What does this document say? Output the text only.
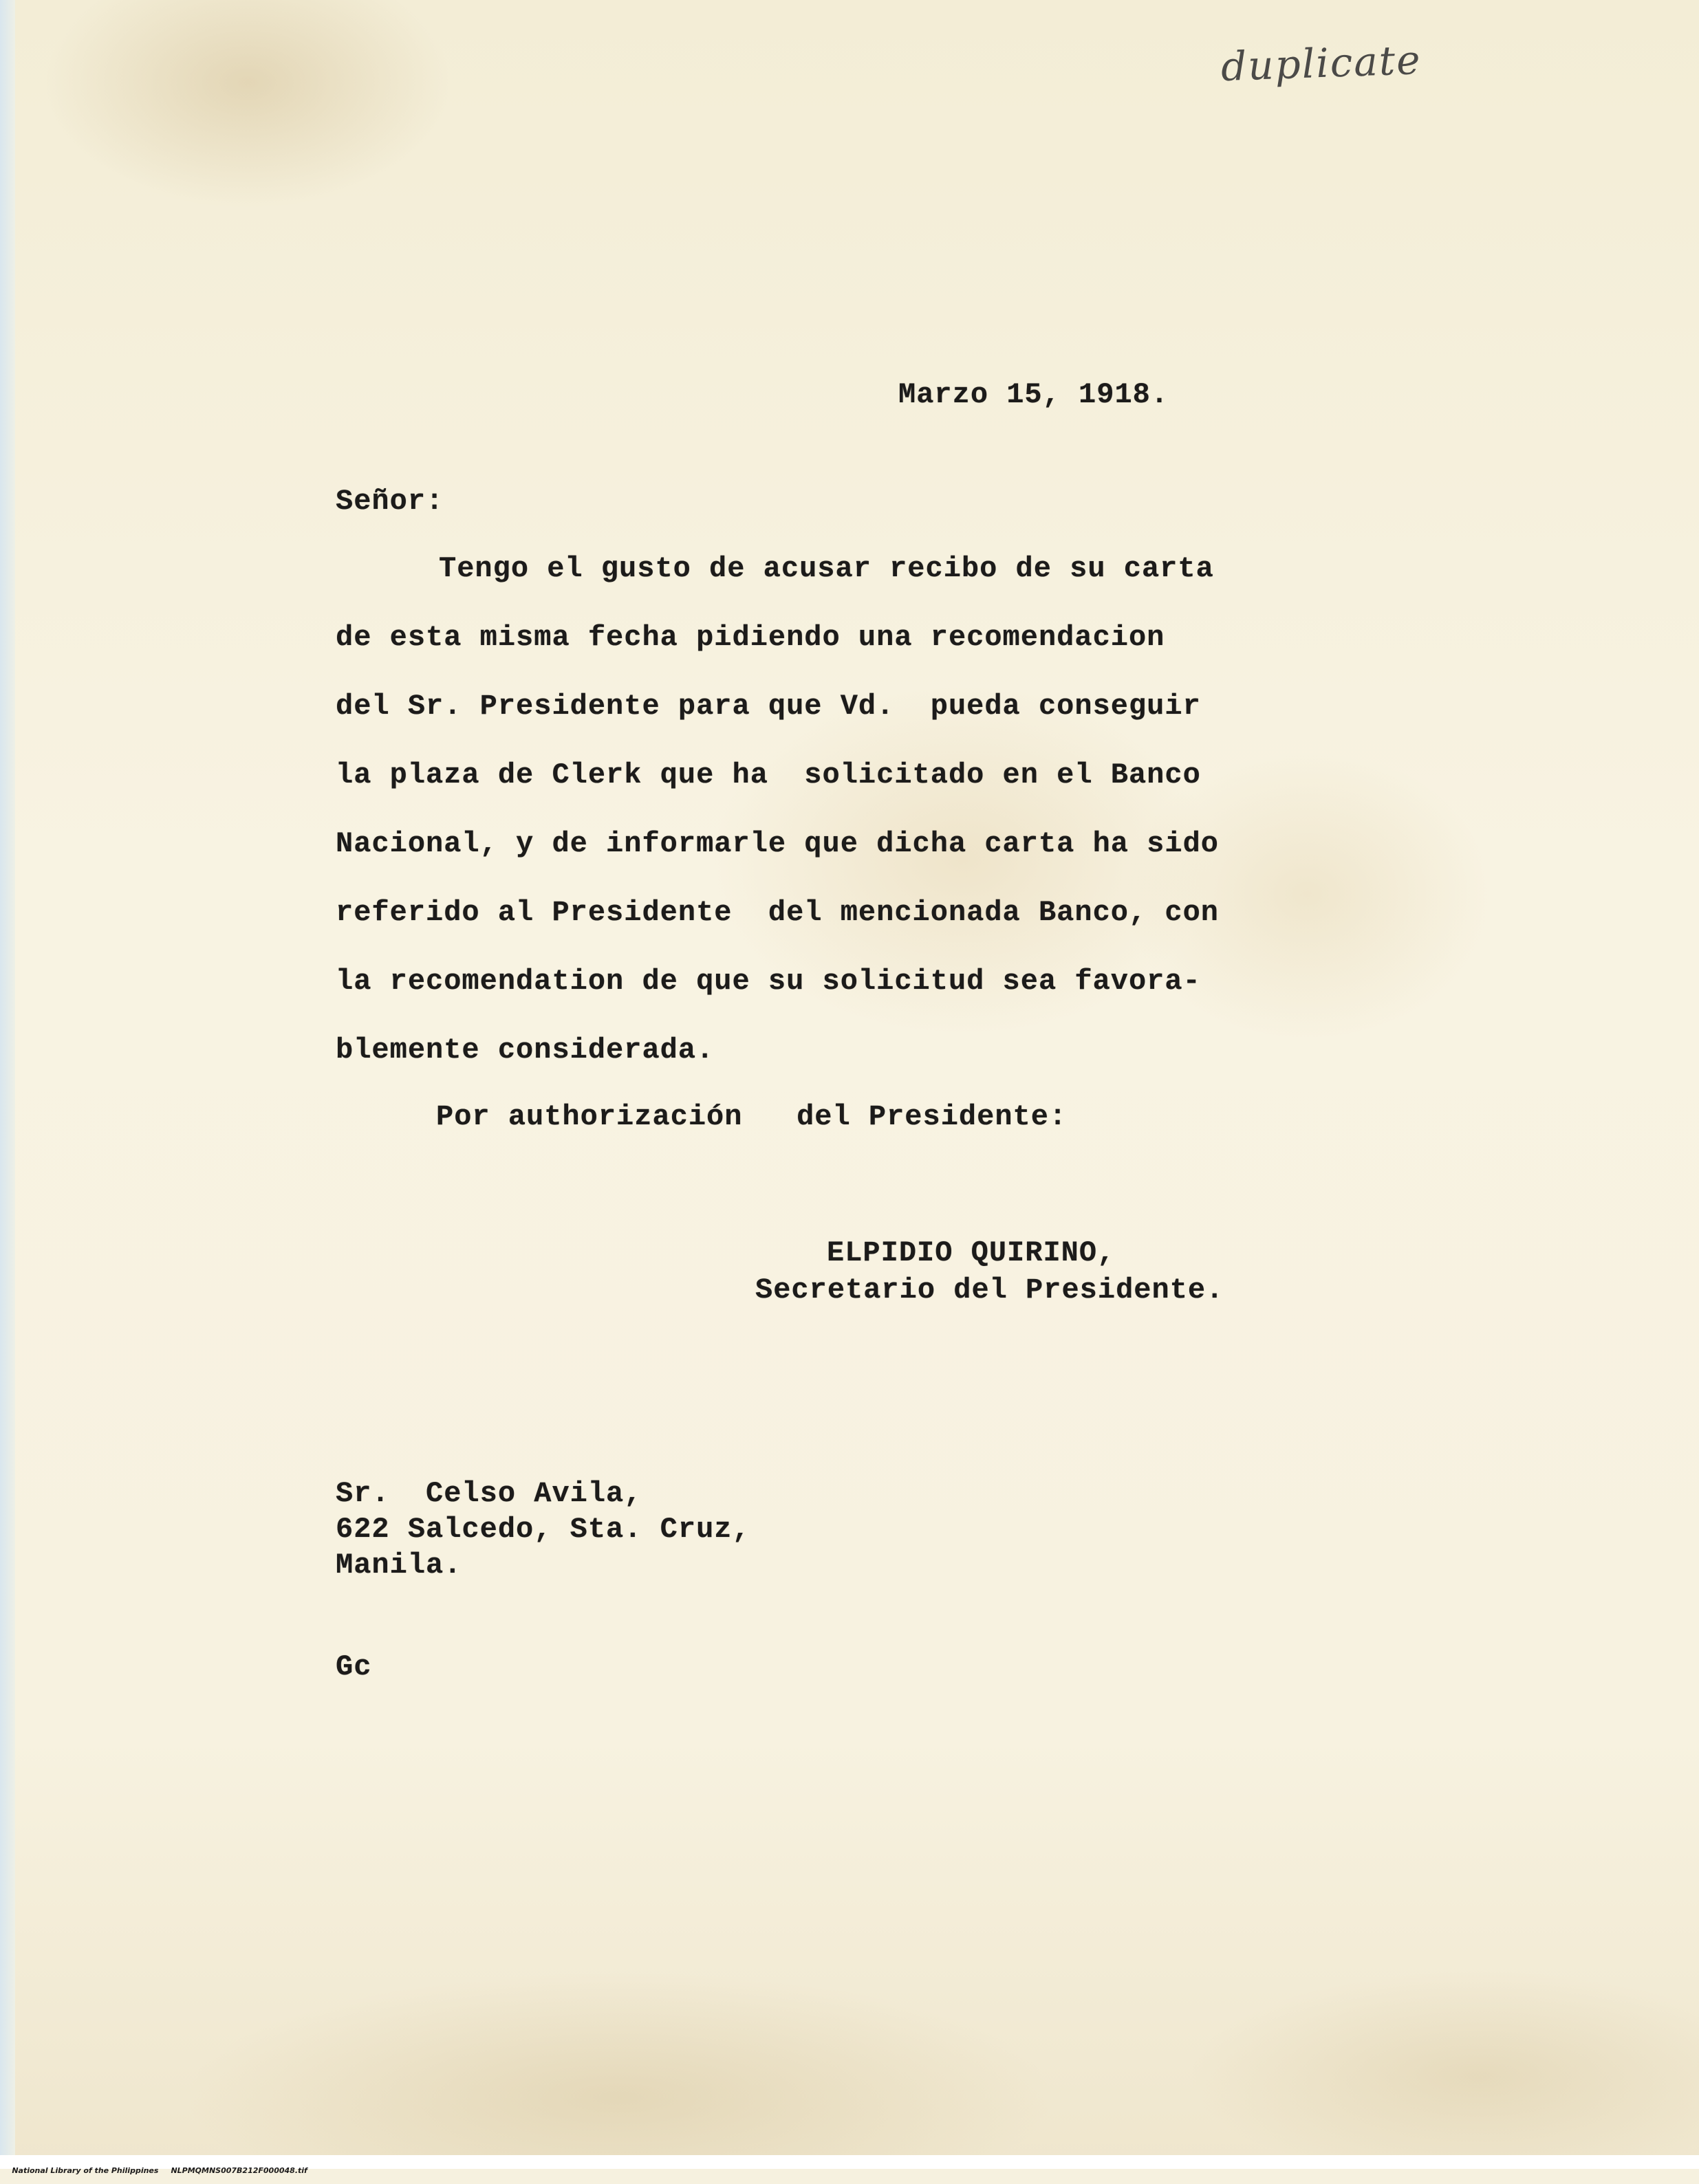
duplicate
Marzo 15, 1918.
Señor:
Tengo el gusto de acusar recibo de su carta
de esta misma fecha pidiendo una recomendacion
del Sr. Presidente para que Vd.  pueda conseguir
la plaza de Clerk que ha  solicitado en el Banco
Nacional, y de informarle que dicha carta ha sido
referido al Presidente  del mencionada Banco, con
la recomendation de que su solicitud sea favora-
blemente considerada.
Por authorización   del Presidente:
ELPIDIO QUIRINO,
Secretario del Presidente.
Sr.  Celso Avila,
622 Salcedo, Sta. Cruz,
Manila.
Gc

National Library of the Philippines NLPMQMNS007B212F000048.tif
